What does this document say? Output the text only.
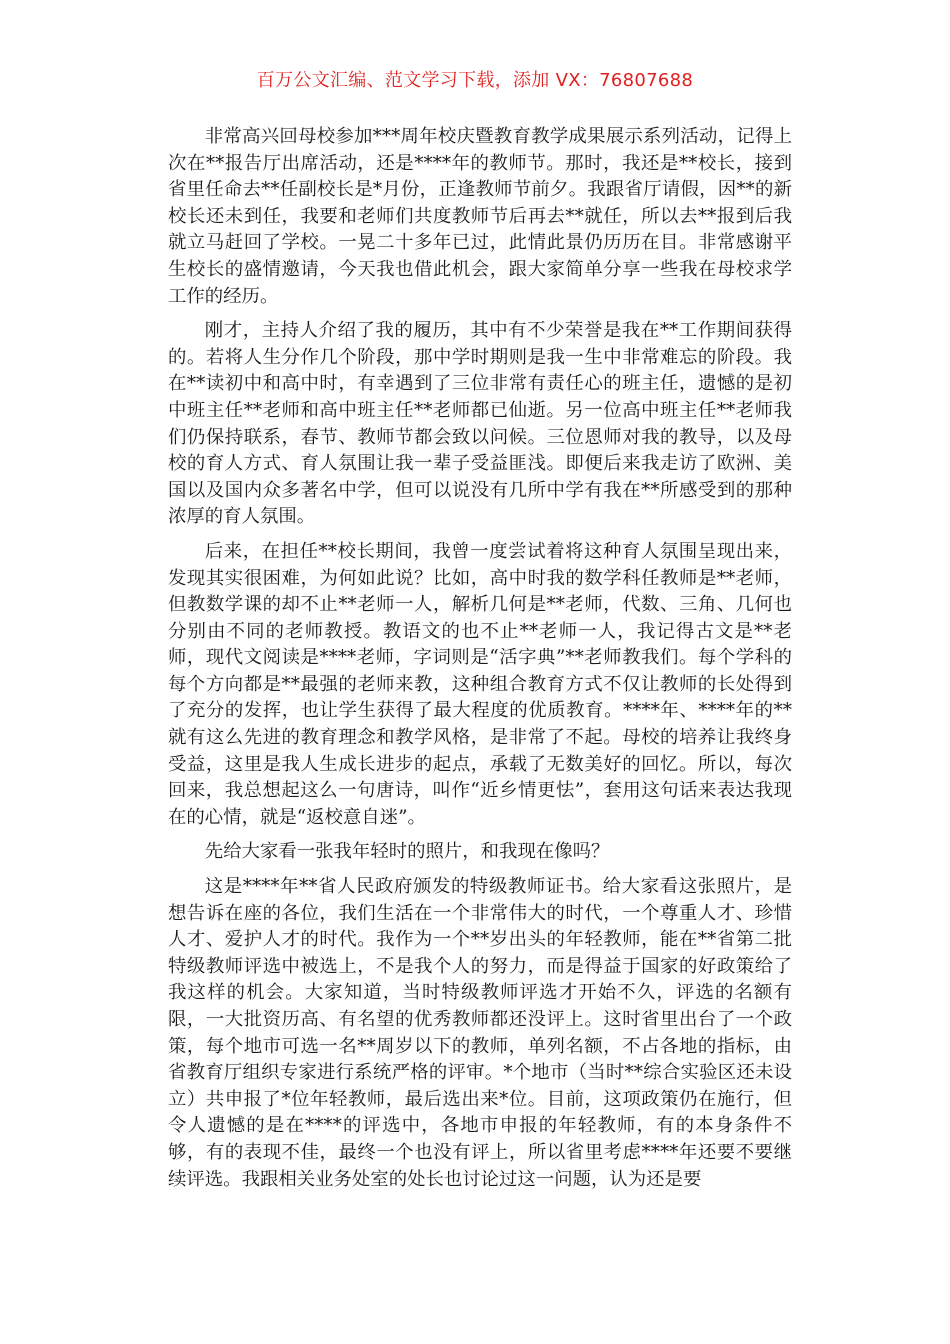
百万公文汇编、范文学习下载，添加 VX：76807688

非常高兴回母校参加***周年校庆暨教育教学成果展示系列活动，记得上次在**报告厅出席活动，还是****年的教师节。那时，我还是**校长，接到省里任命去**任副校长是*月份，正逢教师节前夕。我跟省厅请假，因**的新校长还未到任，我要和老师们共度教师节后再去**就任，所以去**报到后我就立马赶回了学校。一晃二十多年已过，此情此景仍历历在目。非常感谢平生校长的盛情邀请，今天我也借此机会，跟大家简单分享一些我在母校求学工作的经历。

刚才，主持人介绍了我的履历，其中有不少荣誉是我在**工作期间获得的。若将人生分作几个阶段，那中学时期则是我一生中非常难忘的阶段。我在**读初中和高中时，有幸遇到了三位非常有责任心的班主任，遗憾的是初中班主任**老师和高中班主任**老师都已仙逝。另一位高中班主任**老师我们仍保持联系，春节、教师节都会致以问候。三位恩师对我的教导，以及母校的育人方式、育人氛围让我一辈子受益匪浅。即便后来我走访了欧洲、美国以及国内众多著名中学，但可以说没有几所中学有我在**所感受到的那种浓厚的育人氛围。

后来，在担任**校长期间，我曾一度尝试着将这种育人氛围呈现出来，发现其实很困难，为何如此说？比如，高中时我的数学科任教师是**老师，但教数学课的却不止**老师一人，解析几何是**老师，代数、三角、几何也分别由不同的老师教授。教语文的也不止**老师一人，我记得古文是**老师，现代文阅读是****老师，字词则是“活字典”**老师教我们。每个学科的每个方向都是**最强的老师来教，这种组合教育方式不仅让教师的长处得到了充分的发挥，也让学生获得了最大程度的优质教育。****年、****年的**就有这么先进的教育理念和教学风格，是非常了不起。母校的培养让我终身受益，这里是我人生成长进步的起点，承载了无数美好的回忆。所以，每次回来，我总想起这么一句唐诗，叫作“近乡情更怯”，套用这句话来表达我现在的心情，就是“返校意自迷”。

先给大家看一张我年轻时的照片，和我现在像吗？

这是****年**省人民政府颁发的特级教师证书。给大家看这张照片，是想告诉在座的各位，我们生活在一个非常伟大的时代，一个尊重人才、珍惜人才、爱护人才的时代。我作为一个**岁出头的年轻教师，能在**省第二批特级教师评选中被选上，不是我个人的努力，而是得益于国家的好政策给了我这样的机会。大家知道，当时特级教师评选才开始不久，评选的名额有限，一大批资历高、有名望的优秀教师都还没评上。这时省里出台了一个政策，每个地市可选一名**周岁以下的教师，单列名额，不占各地的指标，由省教育厅组织专家进行系统严格的评审。*个地市（当时**综合实验区还未设立）共申报了*位年轻教师，最后选出来*位。目前，这项政策仍在施行，但令人遗憾的是在****的评选中，各地市申报的年轻教师，有的本身条件不够，有的表现不佳，最终一个也没有评上，所以省里考虑****年还要不要继续评选。我跟相关业务处室的处长也讨论过这一问题，认为还是要
